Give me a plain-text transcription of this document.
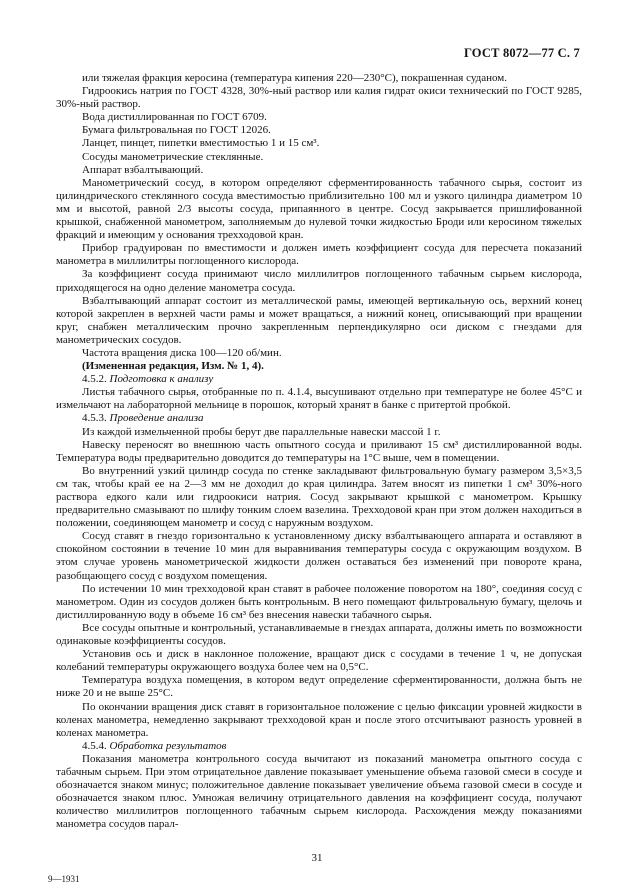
ГОСТ 8072—77 С. 7

или тяжелая фракция керосина (температура кипения 220—230°С), покрашенная суданом.

Гидроокись натрия по ГОСТ 4328, 30%-ный раствор или калия гидрат окиси технический по ГОСТ 9285, 30%-ный раствор.

Вода дистиллированная по ГОСТ 6709.

Бумага фильтровальная по ГОСТ 12026.

Ланцет, пинцет, пипетки вместимостью 1 и 15 см³.

Сосуды манометрические стеклянные.

Аппарат взбалтывающий.

Манометрический сосуд, в котором определяют сферментированность табачного сырья, состоит из цилиндрического стеклянного сосуда вместимостью приблизительно 100 мл и узкого цилиндра диаметром 10 мм и высотой, равной 2/3 высоты сосуда, припаянного в центре. Сосуд закрывается пришлифованной крышкой, снабженной манометром, заполняемым до нулевой точки жидкостью Броди или керосином тяжелых фракций и имеющим у основания трехходовой кран.

Прибор градуирован по вместимости и должен иметь коэффициент сосуда для пересчета показаний манометра в миллилитры поглощенного кислорода.

За коэффициент сосуда принимают число миллилитров поглощенного табачным сырьем кислорода, приходящегося на одно деление манометра сосуда.

Взбалтывающий аппарат состоит из металлической рамы, имеющей вертикальную ось, верхний конец которой закреплен в верхней части рамы и может вращаться, а нижний конец, описывающий при вращении круг, снабжен металлическим прочно закрепленным перпендикулярно оси диском с гнездами для манометрических сосудов.

Частота вращения диска 100—120 об/мин.

(Измененная редакция, Изм. № 1, 4).

4.5.2. Подготовка к анализу

Листья табачного сырья, отобранные по п. 4.1.4, высушивают отдельно при температуре не более 45°С и измельчают на лабораторной мельнице в порошок, который хранят в банке с притертой пробкой.

4.5.3. Проведение анализа

Из каждой измельченной пробы берут две параллельные навески массой 1 г.

Навеску переносят во внешнюю часть опытного сосуда и приливают 15 см³ дистиллированной воды. Температура воды предварительно доводится до температуры на 1°С выше, чем в помещении.

Во внутренний узкий цилиндр сосуда по стенке закладывают фильтровальную бумагу размером 3,5×3,5 см так, чтобы край ее на 2—3 мм не доходил до края цилиндра. Затем вносят из пипетки 1 см³ 30%-ного раствора едкого кали или гидроокиси натрия. Сосуд закрывают крышкой с манометром. Крышку предварительно смазывают по шлифу тонким слоем вазелина. Трехходовой кран при этом должен находиться в положении, соединяющем манометр и сосуд с наружным воздухом.

Сосуд ставят в гнездо горизонтально к установленному диску взбалтывающего аппарата и оставляют в спокойном состоянии в течение 10 мин для выравнивания температуры сосуда с окружающим воздухом. В этом случае уровень манометрической жидкости должен оставаться без изменений при повороте крана, разобщающего сосуд с воздухом помещения.

По истечении 10 мин трехходовой кран ставят в рабочее положение поворотом на 180°, соединяя сосуд с манометром. Один из сосудов должен быть контрольным. В него помещают фильтровальную бумагу, щелочь и дистиллированную воду в объеме 16 см³ без внесения навески табачного сырья.

Все сосуды опытные и контрольный, устанавливаемые в гнездах аппарата, должны иметь по возможности одинаковые коэффициенты сосудов.

Установив ось и диск в наклонное положение, вращают диск с сосудами в течение 1 ч, не допуская колебаний температуры окружающего воздуха более чем на 0,5°С.

Температура воздуха помещения, в котором ведут определение сферментированности, должна быть не ниже 20 и не выше 25°С.

По окончании вращения диск ставят в горизонтальное положение с целью фиксации уровней жидкости в коленах манометра, немедленно закрывают трехходовой кран и после этого отсчитывают разность уровней в коленах манометра.

4.5.4. Обработка результатов

Показания манометра контрольного сосуда вычитают из показаний манометра опытного сосуда с табачным сырьем. При этом отрицательное давление показывает уменьшение объема газовой смеси в сосуде и обозначается знаком минус; положительное давление показывает увеличение объема газовой смеси в сосуде и обозначается знаком плюс. Умножая величину отрицательного давления на коэффициент сосуда, получают количество миллилитров поглощенного табачным сырьем кислорода. Расхождения между показаниями манометра сосудов парал-

31
9—1931
